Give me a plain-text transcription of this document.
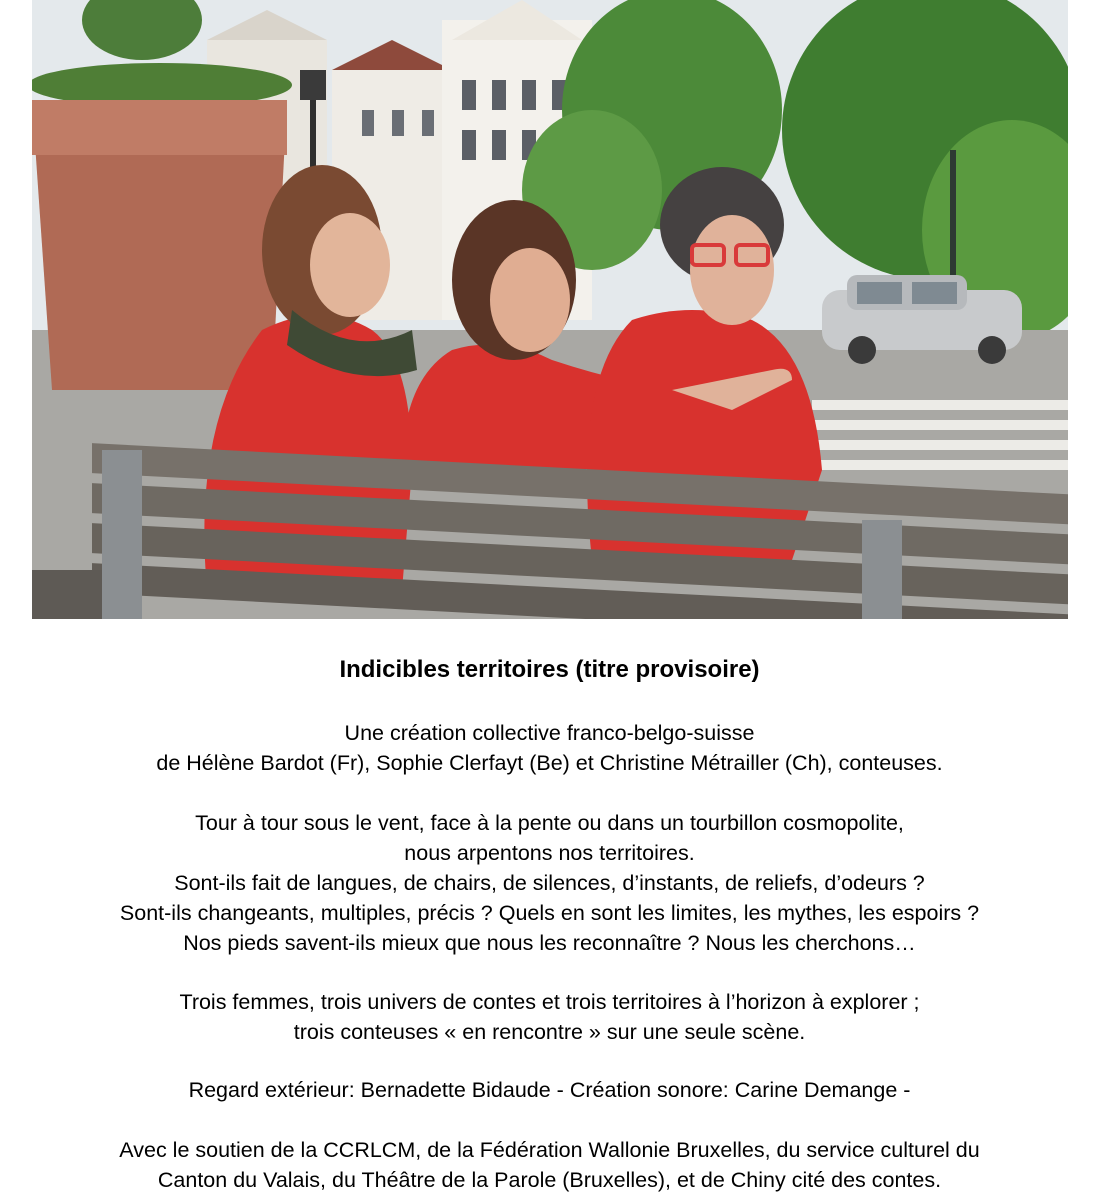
Indicibles territoires (titre provisoire)
Une création collective franco-belgo-suisse
de Hélène Bardot (Fr), Sophie Clerfayt (Be) et Christine Métrailler (Ch), conteuses.
Tour à tour sous le vent, face à la pente ou dans un tourbillon cosmopolite,
nous arpentons nos territoires.
Sont-ils fait de langues, de chairs, de silences, d’instants, de reliefs, d’odeurs ?
Sont-ils changeants, multiples, précis ? Quels en sont les limites, les mythes, les espoirs ?
Nos pieds savent-ils mieux que nous les reconnaître ? Nous les cherchons…
Trois femmes, trois univers de contes et trois territoires à l’horizon à explorer ;
trois conteuses « en rencontre » sur une seule scène.
Regard extérieur: Bernadette Bidaude - Création sonore: Carine Demange -
Avec le soutien de la CCRLCM, de la Fédération Wallonie Bruxelles, du service culturel du
Canton du Valais, du Théâtre de la Parole (Bruxelles), et de Chiny cité des contes.
